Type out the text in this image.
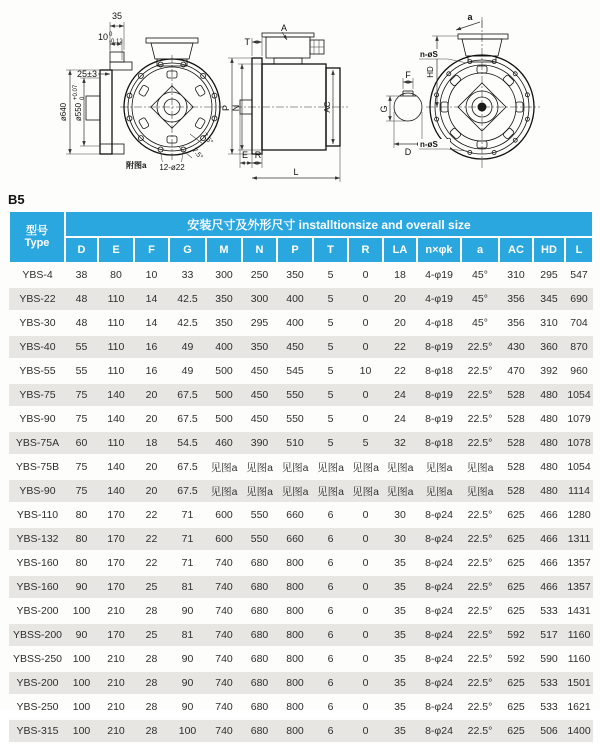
35
10 0
-0.12
25±3
ø640 ø550
+0.07 0
12-ø22
7.5°
7.5°
附图a
A
T
P N
E R
L
AC
F
G
D
a
HD
n-øS
n-øS
B5
型号
Type	安装尺寸及外形尺寸 installtionsize and overall size														
	D	E	F	G	M	N	P	T	R	LA	n×φk	a	AC	HD	L
YBS-4	38	80	10	33	300	250	350	5	0	18	4-φ19	45°	310	295	547
YBS-22	48	110	14	42.5	350	300	400	5	0	20	4-φ19	45°	356	345	690
YBS-30	48	110	14	42.5	350	295	400	5	0	20	4-φ18	45°	356	310	704
YBS-40	55	110	16	49	400	350	450	5	0	22	8-φ19	22.5°	430	360	870
YBS-55	55	110	16	49	500	450	545	5	10	22	8-φ18	22.5°	470	392	960
YBS-75	75	140	20	67.5	500	450	550	5	0	24	8-φ19	22.5°	528	480	1054
YBS-90	75	140	20	67.5	500	450	550	5	0	24	8-φ19	22.5°	528	480	1079
YBS-75A	60	110	18	54.5	460	390	510	5	5	32	8-φ18	22.5°	528	480	1078
YBS-75B	75	140	20	67.5	见图a	见图a	见图a	见图a	见图a	见图a	见图a	见图a	528	480	1054
YBS-90	75	140	20	67.5	见图a	见图a	见图a	见图a	见图a	见图a	见图a	见图a	528	480	1114
YBS-110	80	170	22	71	600	550	660	6	0	30	8-φ24	22.5°	625	466	1280
YBS-132	80	170	22	71	600	550	660	6	0	30	8-φ24	22.5°	625	466	1311
YBS-160	80	170	22	71	740	680	800	6	0	35	8-φ24	22.5°	625	466	1357
YBS-160	90	170	25	81	740	680	800	6	0	35	8-φ24	22.5°	625	466	1357
YBS-200	100	210	28	90	740	680	800	6	0	35	8-φ24	22.5°	625	533	1431
YBSS-200	90	170	25	81	740	680	800	6	0	35	8-φ24	22.5°	592	517	1160
YBSS-250	100	210	28	90	740	680	800	6	0	35	8-φ24	22.5°	592	590	1160
YBS-200	100	210	28	90	740	680	800	6	0	35	8-φ24	22.5°	625	533	1501
YBS-250	100	210	28	90	740	680	800	6	0	35	8-φ24	22.5°	625	533	1621
YBS-315	100	210	28	100	740	680	800	6	0	35	8-φ24	22.5°	625	506	1400
